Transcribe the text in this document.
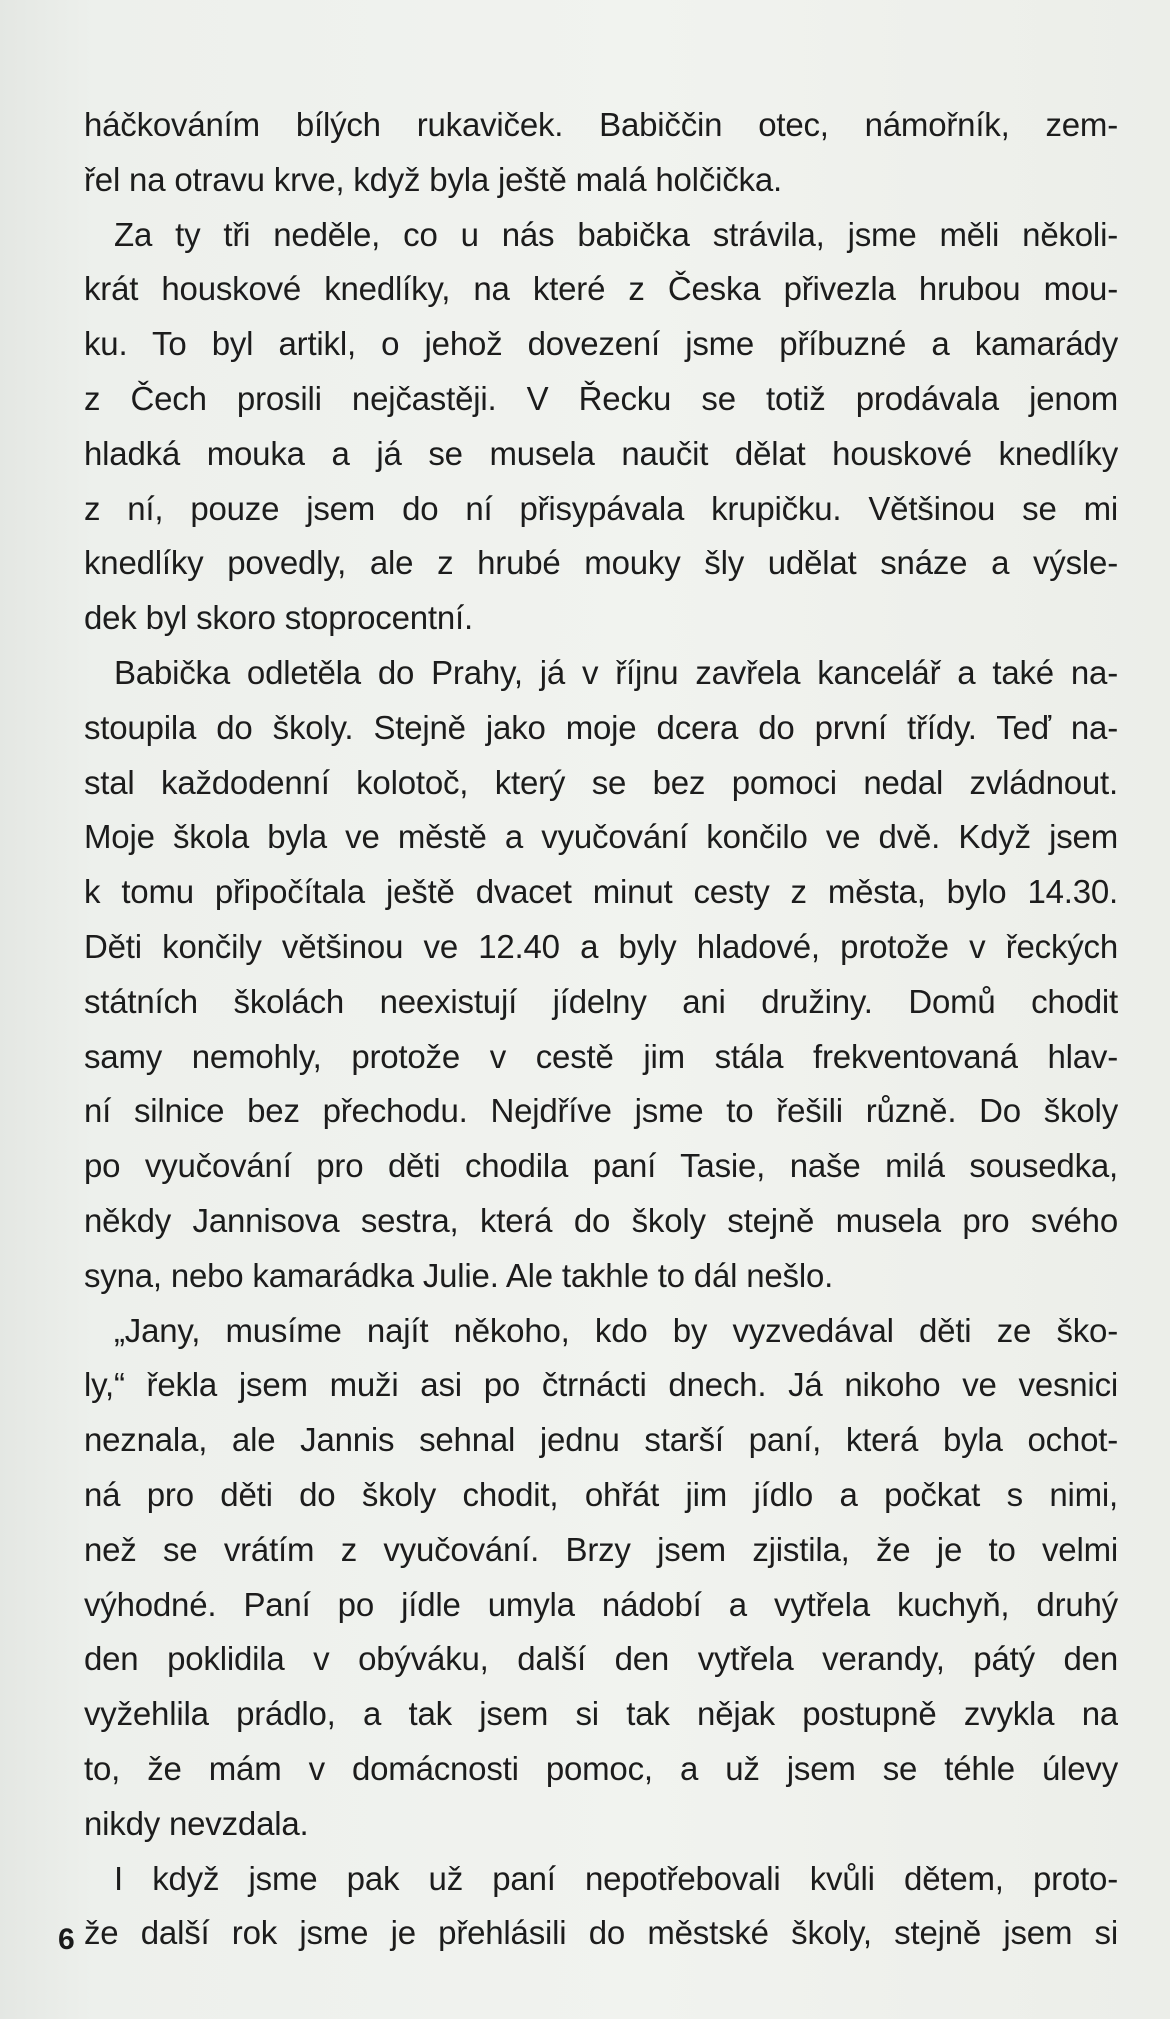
háčkováním bílých rukaviček. Babiččin otec, námořník, zem-
řel na otravu krve, když byla ještě malá holčička.
Za ty tři neděle, co u nás babička strávila, jsme měli několi-
krát houskové knedlíky, na které z Česka přivezla hrubou mou-
ku. To byl artikl, o jehož dovezení jsme příbuzné a kamarády
z Čech prosili nejčastěji. V Řecku se totiž prodávala jenom
hladká mouka a já se musela naučit dělat houskové knedlíky
z ní, pouze jsem do ní přisypávala krupičku. Většinou se mi
knedlíky povedly, ale z hrubé mouky šly udělat snáze a výsle-
dek byl skoro stoprocentní.
Babička odletěla do Prahy, já v říjnu zavřela kancelář a také na-
stoupila do školy. Stejně jako moje dcera do první třídy. Teď na-
stal každodenní kolotoč, který se bez pomoci nedal zvládnout.
Moje škola byla ve městě a vyučování končilo ve dvě. Když jsem
k tomu připočítala ještě dvacet minut cesty z města, bylo 14.30.
Děti končily většinou ve 12.40 a byly hladové, protože v řeckých
státních školách neexistují jídelny ani družiny. Domů chodit
samy nemohly, protože v cestě jim stála frekventovaná hlav-
ní silnice bez přechodu. Nejdříve jsme to řešili různě. Do školy
po vyučování pro děti chodila paní Tasie, naše milá sousedka,
někdy Jannisova sestra, která do školy stejně musela pro svého
syna, nebo kamarádka Julie. Ale takhle to dál nešlo.
„Jany, musíme najít někoho, kdo by vyzvedával děti ze ško-
ly,“ řekla jsem muži asi po čtrnácti dnech. Já nikoho ve vesnici
neznala, ale Jannis sehnal jednu starší paní, která byla ochot-
ná pro děti do školy chodit, ohřát jim jídlo a počkat s nimi,
než se vrátím z vyučování. Brzy jsem zjistila, že je to velmi
výhodné. Paní po jídle umyla nádobí a vytřela kuchyň, druhý
den poklidila v obýváku, další den vytřela verandy, pátý den
vyžehlila prádlo, a tak jsem si tak nějak postupně zvykla na
to, že mám v domácnosti pomoc, a už jsem se téhle úlevy
nikdy nevzdala.
I když jsme pak už paní nepotřebovali kvůli dětem, proto-
že další rok jsme je přehlásili do městské školy, stejně jsem si
6
